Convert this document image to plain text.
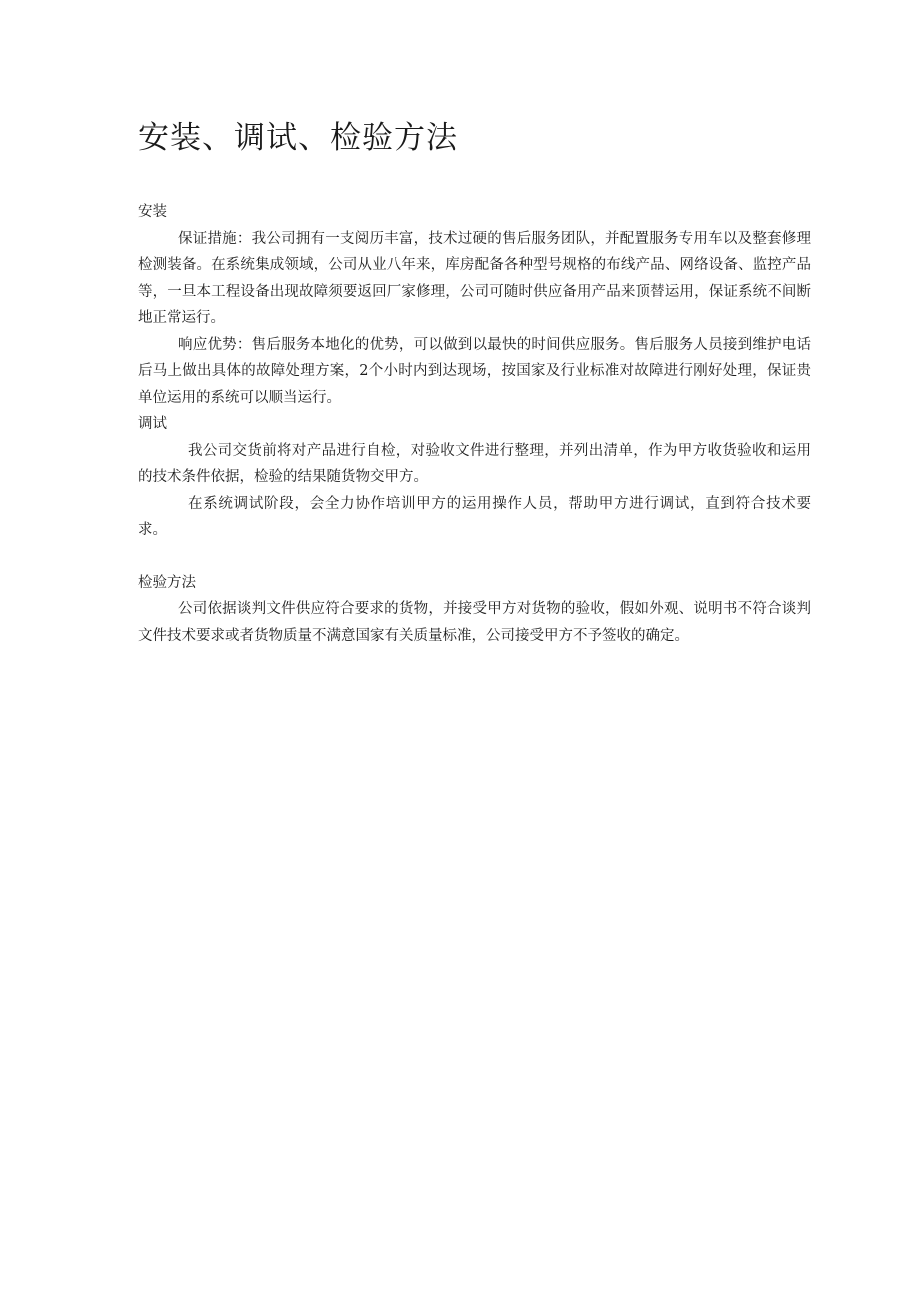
安装、调试、检验方法
安装

保证措施：我公司拥有一支阅历丰富，技术过硬的售后服务团队，并配置服务专用车以及整套修理检测装备。在系统集成领域，公司从业八年来，库房配备各种型号规格的布线产品、网络设备、监控产品等，一旦本工程设备出现故障须要返回厂家修理，公司可随时供应备用产品来顶替运用，保证系统不间断地正常运行。

响应优势：售后服务本地化的优势，可以做到以最快的时间供应服务。售后服务人员接到维护电话后马上做出具体的故障处理方案，2个小时内到达现场，按国家及行业标准对故障进行刚好处理，保证贵单位运用的系统可以顺当运行。

调试

我公司交货前将对产品进行自检，对验收文件进行整理，并列出清单，作为甲方收货验收和运用的技术条件依据，检验的结果随货物交甲方。

在系统调试阶段，会全力协作培训甲方的运用操作人员，帮助甲方进行调试，直到符合技术要求。

检验方法

公司依据谈判文件供应符合要求的货物，并接受甲方对货物的验收，假如外观、说明书不符合谈判文件技术要求或者货物质量不满意国家有关质量标准，公司接受甲方不予签收的确定。
